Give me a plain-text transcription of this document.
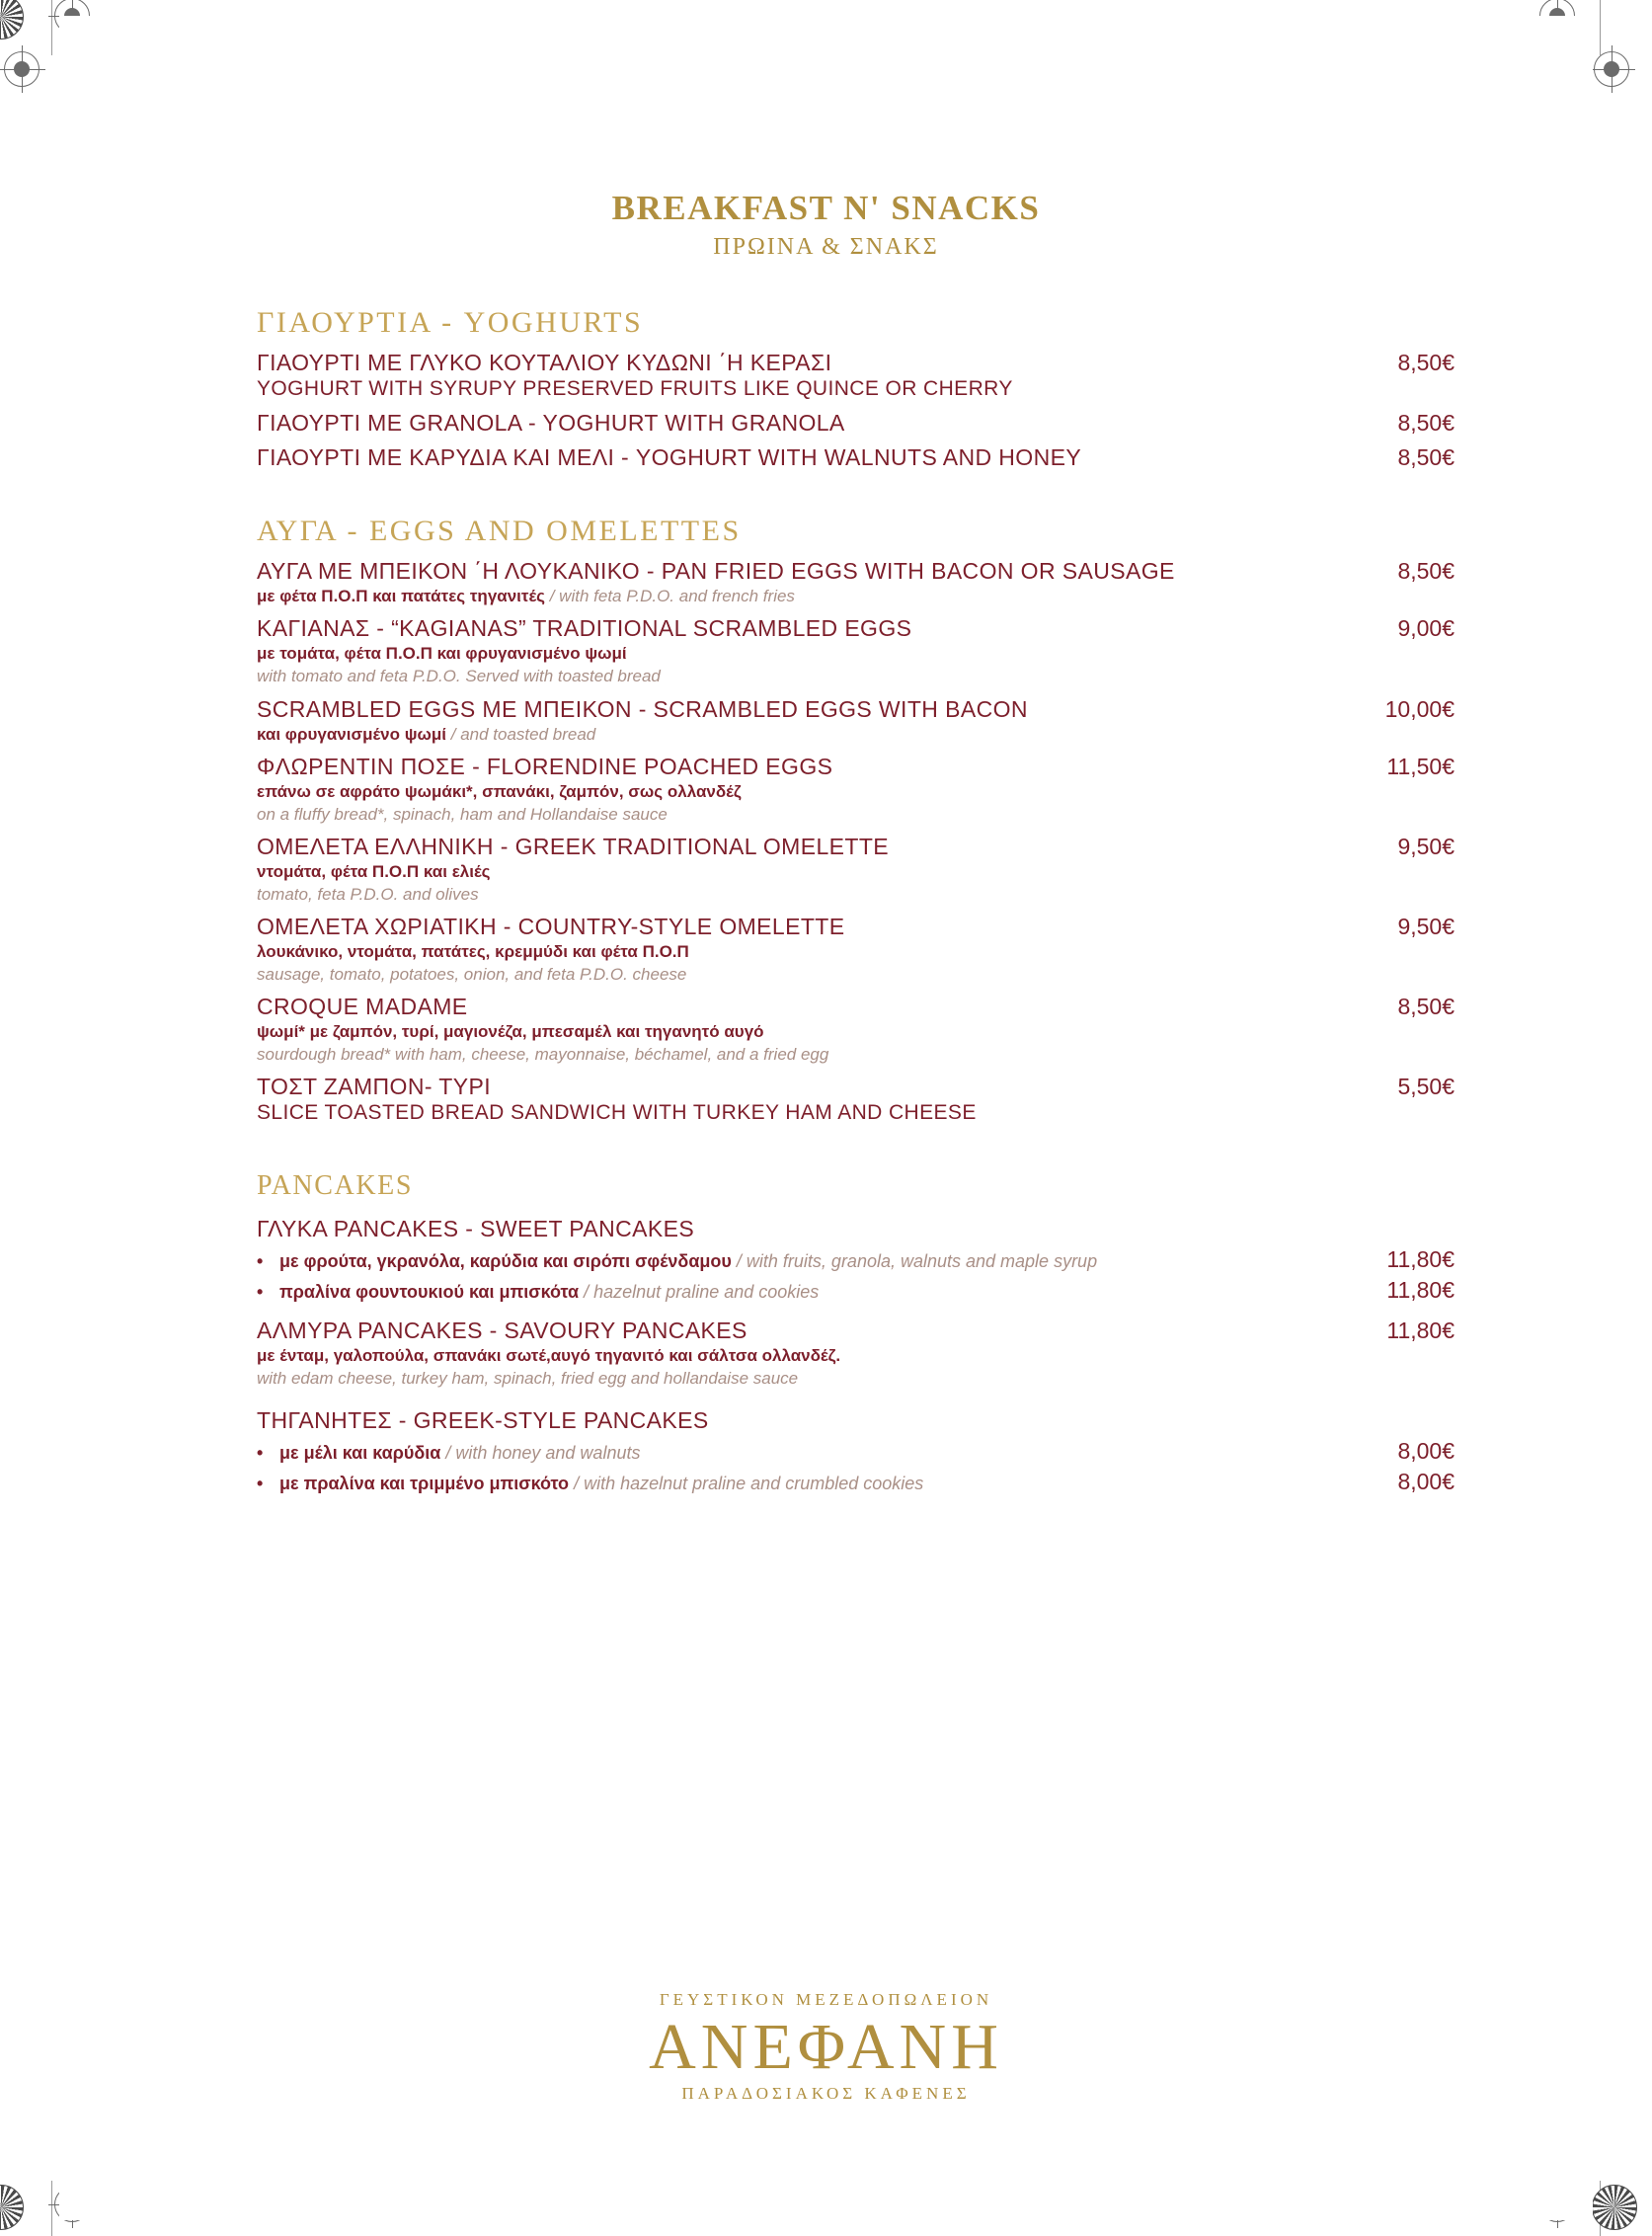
BREAKFAST N' SNACKS
ΠΡΩΙΝΑ & ΣΝΑΚΣ
ΓΙΑΟΥΡΤΙΑ - YOGHURTS
ΓΙΑΟΥΡΤΙ ΜΕ ΓΛΥΚΟ ΚΟΥΤΑΛΙΟΥ ΚΥΔΩΝΙ ΄Η ΚΕΡΑΣΙ	8,50€
YOGHURT WITH SYRUPY PRESERVED FRUITS LIKE QUINCE OR CHERRY
ΓΙΑΟΥΡΤΙ ΜΕ GRANOLA - YOGHURT WITH GRANOLA	8,50€
ΓΙΑΟΥΡΤΙ ΜΕ ΚΑΡΥΔΙΑ ΚΑΙ ΜΕΛΙ - YOGHURT WITH WALNUTS AND HONEY	8,50€
ΑΥΓΑ - EGGS AND OMELETTES
ΑΥΓΑ ΜΕ ΜΠΕΙΚΟΝ ΄Η ΛΟΥΚΑΝΙΚΟ - PAN FRIED EGGS WITH BACON OR SAUSAGE	8,50€
με φέτα Π.Ο.Π και πατάτες τηγανιτές / with feta P.D.O. and french fries
ΚΑΓΙΑΝΑΣ - “KAGIANAS” TRADITIONAL SCRAMBLED EGGS	9,00€
με τομάτα, φέτα Π.Ο.Π και φρυγανισμένο ψωμί
with tomato and feta P.D.O. Served with toasted bread
SCRAMBLED EGGS ΜΕ ΜΠΕΙΚΟΝ - SCRAMBLED EGGS WITH BACON	10,00€
και φρυγανισμένο ψωμί / and toasted bread
ΦΛΩΡΕΝΤΙΝ ΠΟΣΕ - FLORENDINE POACHED EGGS	11,50€
επάνω σε αφράτο ψωμάκι*, σπανάκι, ζαμπόν, σως ολλανδέζ
on a fluffy bread*, spinach, ham and Hollandaise sauce
ΟΜΕΛΕΤΑ ΕΛΛΗΝΙΚΗ - GREEK TRADITIONAL OMELETTE	9,50€
ντομάτα, φέτα Π.Ο.Π και ελιές
tomato, feta P.D.O. and olives
ΟΜΕΛΕΤΑ ΧΩΡΙΑΤΙΚΗ - COUNTRY-STYLE OMELETTE	9,50€
λουκάνικο, ντομάτα, πατάτες, κρεμμύδι και φέτα Π.Ο.Π
sausage, tomato, potatoes, onion, and feta P.D.O. cheese
CROQUE MADAME	8,50€
ψωμί* με ζαμπόν, τυρί, μαγιονέζα, μπεσαμέλ και τηγανητό αυγό
sourdough bread* with ham, cheese, mayonnaise, béchamel, and a fried egg
ΤΟΣΤ ΖΑΜΠΟΝ- ΤΥΡΙ	5,50€
SLICE TOASTED BREAD SANDWICH WITH TURKEY HAM AND CHEESE
PANCAKES
ΓΛΥΚΑ PANCAKES - SWEET PANCAKES
• με φρούτα, γκρανόλα, καρύδια και σιρόπι σφένδαμου / with fruits, granola, walnuts and maple syrup	11,80€
• πραλίνα φουντουκιού και μπισκότα / hazelnut praline and cookies	11,80€
ΑΛΜΥΡΑ PANCAKES - SAVOURY PANCAKES	11,80€
με ένταμ, γαλοπούλα, σπανάκι σωτέ,αυγό τηγανιτό και σάλτσα ολλανδέζ.
with edam cheese, turkey ham, spinach, fried egg and hollandaise sauce
ΤΗΓΑΝΗΤΕΣ - GREEK-STYLE PANCAKES
• με μέλι και καρύδια / with honey and walnuts	8,00€
• με πραλίνα και τριμμένο μπισκότο / with hazelnut praline and crumbled cookies	8,00€
ΓΕΥΣΤΙΚΟΝ ΜΕΖΕΔΟΠΩΛΕΙΟΝ
ΑΝΕΦΑΝΗ
ΠΑΡΑΔΟΣΙΑΚΟΣ ΚΑΦΕΝΕΣ
